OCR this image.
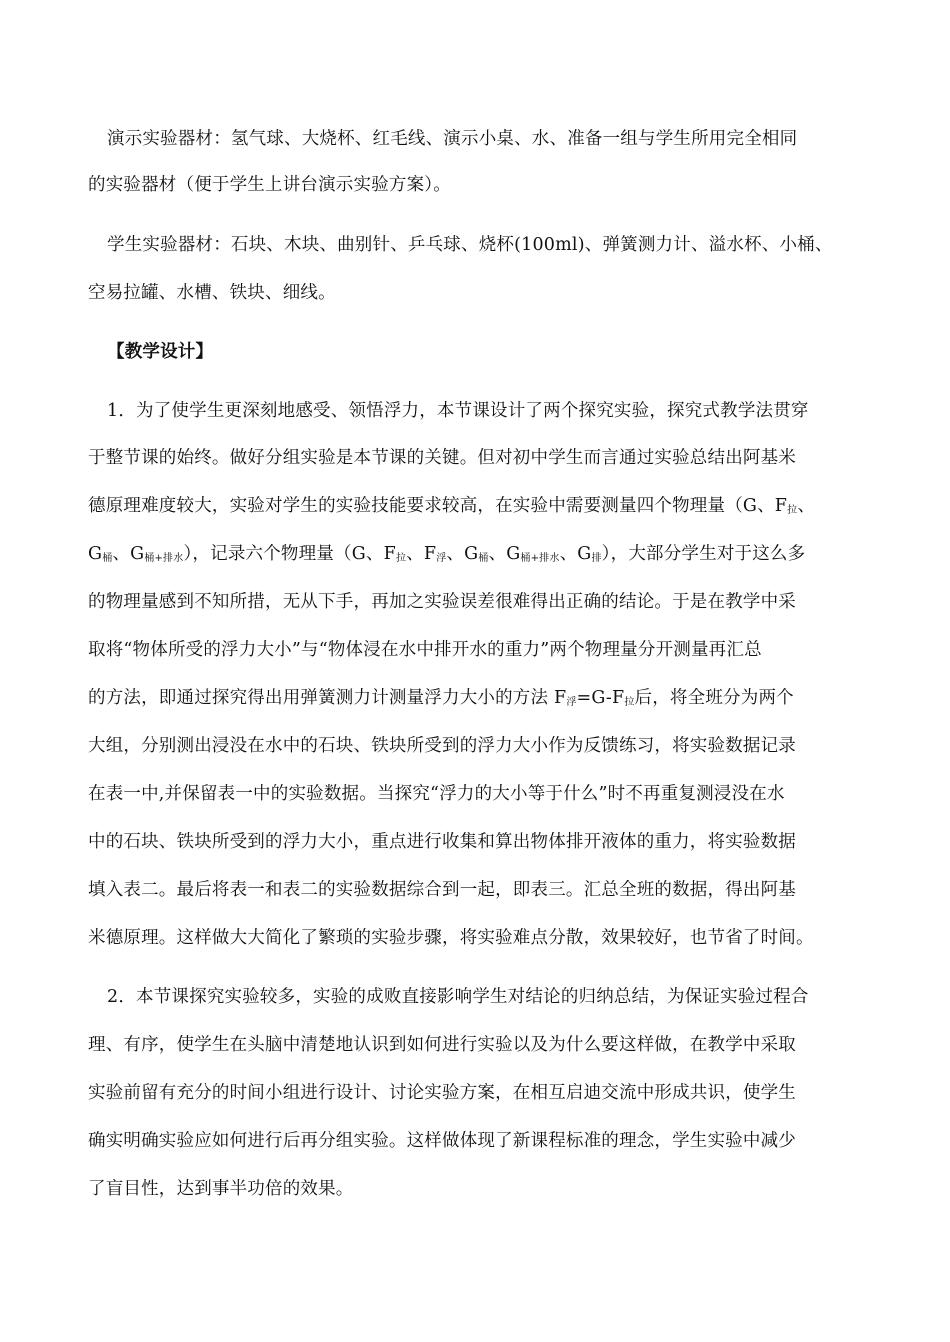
演示实验器材：氢气球、大烧杯、红毛线、演示小桌、水、准备一组与学生所用完全相同
的实验器材（便于学生上讲台演示实验方案）。
学生实验器材：石块、木块、曲别针、乒乓球、烧杯(100ml)、弹簧测力计、溢水杯、小桶、
空易拉罐、水槽、铁块、细线。
【教学设计】
1．为了使学生更深刻地感受、领悟浮力，本节课设计了两个探究实验，探究式教学法贯穿
于整节课的始终。做好分组实验是本节课的关键。但对初中学生而言通过实验总结出阿基米
德原理难度较大，实验对学生的实验技能要求较高，在实验中需要测量四个物理量（G、$F_拉$、
$G_桶$、$G_{桶+排水}$），记录六个物理量（G、$F_拉$、$F_浮$、$G_桶$、$G_{桶+排水}$、$G_排$），大部分学生对于这么多
的物理量感到不知所措，无从下手，再加之实验误差很难得出正确的结论。于是在教学中采
取将“物体所受的浮力大小”与“物体浸在水中排开水的重力”两个物理量分开测量再汇总
的方法，即通过探究得出用弹簧测力计测量浮力大小的方法 $F_浮=G-F_拉$后，将全班分为两个
大组，分别测出浸没在水中的石块、铁块所受到的浮力大小作为反馈练习，将实验数据记录
在表一中,并保留表一中的实验数据。当探究“浮力的大小等于什么”时不再重复测浸没在水
中的石块、铁块所受到的浮力大小，重点进行收集和算出物体排开液体的重力，将实验数据
填入表二。最后将表一和表二的实验数据综合到一起，即表三。汇总全班的数据，得出阿基
米德原理。这样做大大简化了繁琐的实验步骤，将实验难点分散，效果较好，也节省了时间。
2．本节课探究实验较多，实验的成败直接影响学生对结论的归纳总结，为保证实验过程合
理、有序，使学生在头脑中清楚地认识到如何进行实验以及为什么要这样做，在教学中采取
实验前留有充分的时间小组进行设计、讨论实验方案，在相互启迪交流中形成共识，使学生
确实明确实验应如何进行后再分组实验。这样做体现了新课程标准的理念，学生实验中减少
了盲目性，达到事半功倍的效果。
